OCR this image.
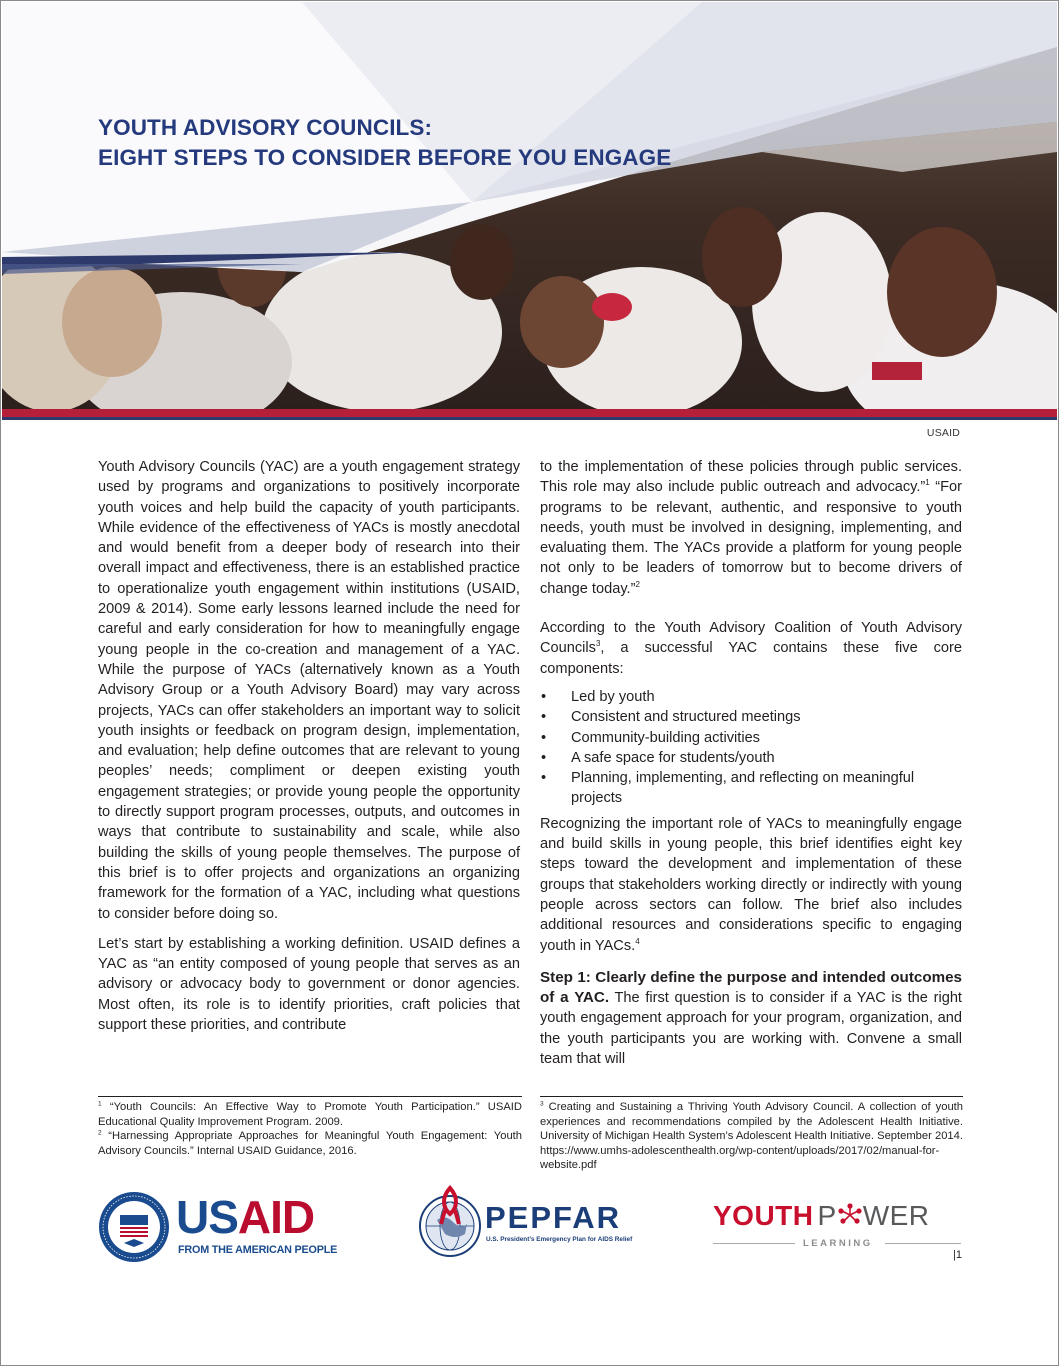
YOUTH ADVISORY COUNCILS:
EIGHT STEPS TO CONSIDER BEFORE YOU ENGAGE
USAID

Youth Advisory Councils (YAC) are a youth engagement strategy used by programs and organizations to positively incorporate youth voices and help build the capacity of youth participants. While evidence of the effectiveness of YACs is mostly anecdotal and would benefit from a deeper body of research into their overall impact and effectiveness, there is an established practice to operationalize youth engagement within institutions (USAID, 2009 & 2014). Some early lessons learned include the need for careful and early consideration for how to meaningfully engage young people in the co-creation and management of a YAC. While the purpose of YACs (alternatively known as a Youth Advisory Group or a Youth Advisory Board) may vary across projects, YACs can offer stakeholders an important way to solicit youth insights or feedback on program design, implementation, and evaluation; help define outcomes that are relevant to young peoples’ needs; compliment or deepen existing youth engagement strategies; or provide young people the opportunity to directly support program processes, outputs, and outcomes in ways that contribute to sustainability and scale, while also building the skills of young people themselves. The purpose of this brief is to offer projects and organizations an organizing framework for the formation of a YAC, including what questions to consider before doing so.

Let’s start by establishing a working definition. USAID defines a YAC as “an entity composed of young people that serves as an advisory or advocacy body to government or donor agencies. Most often, its role is to identify priorities, craft policies that support these priorities, and contribute

to the implementation of these policies through public services. This role may also include public outreach and advocacy.”$^1$ “For programs to be relevant, authentic, and responsive to youth needs, youth must be involved in designing, implementing, and evaluating them. The YACs provide a platform for young people not only to be leaders of tomorrow but to become drivers of change today.”$^2$

According to the Youth Advisory Coalition of Youth Advisory Councils$^3$, a successful YAC contains these five core components:

• Led by youth
• Consistent and structured meetings
• Community-building activities
• A safe space for students/youth
• Planning, implementing, and reflecting on meaningful projects

Recognizing the important role of YACs to meaningfully engage and build skills in young people, this brief identifies eight key steps toward the development and implementation of these groups that stakeholders working directly or indirectly with young people across sectors can follow. The brief also includes additional resources and considerations specific to engaging youth in YACs.$^4$

Step 1: Clearly define the purpose and intended outcomes of a YAC. The first question is to consider if a YAC is the right youth engagement approach for your program, organization, and the youth participants you are working with. Convene a small team that will

$^1$ “Youth Councils: An Effective Way to Promote Youth Participation.” USAID Educational Quality Improvement Program. 2009.

$^2$ “Harnessing Appropriate Approaches for Meaningful Youth Engagement: Youth Advisory Councils.” Internal USAID Guidance, 2016.

$^3$ Creating and Sustaining a Thriving Youth Advisory Council. A collection of youth experiences and recommendations compiled by the Adolescent Health Initiative. University of Michigan Health System’s Adolescent Health Initiative. September 2014. https://www.umhs-adolescenthealth.org/wp-content/uploads/2017/02/manual-for-website.pdf

USAID
FROM THE AMERICAN PEOPLE
PEPFAR
U.S. President’s Emergency Plan for AIDS Relief
YOUTH P WER
LEARNING
|1
